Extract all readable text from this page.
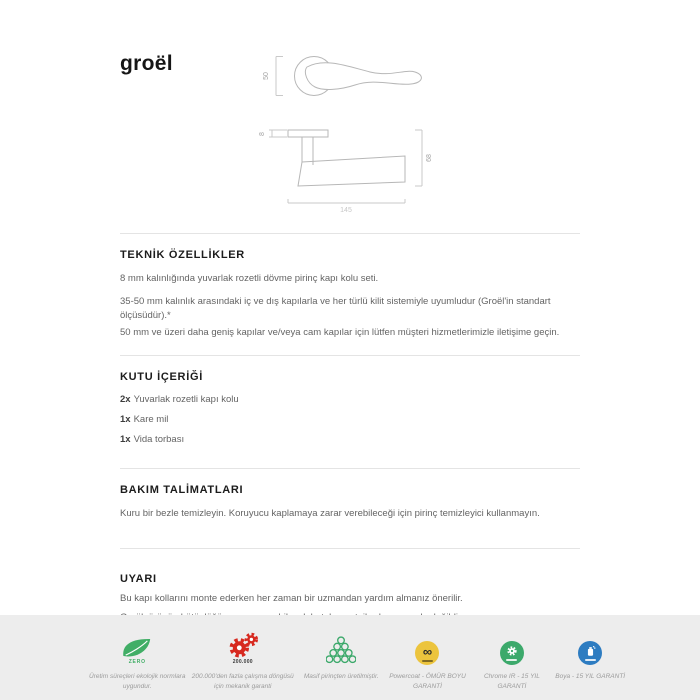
groël
50
8
68
145
TEKNİK ÖZELLİKLER

8 mm kalınlığında yuvarlak rozetli dövme pirinç kapı kolu seti.

35-50 mm kalınlık arasındaki iç ve dış kapılarla ve her türlü kilit sistemiyle uyumludur (Groël'in standart ölçüsüdür).*

50 mm ve üzeri daha geniş kapılar ve/veya cam kapılar için lütfen müşteri hizmetlerimizle iletişime geçin.

KUTU İÇERİĞİ

2x Yuvarlak rozetli kapı kolu

1x Kare mil

1x Vida torbası

BAKIM TALİMATLARI

Kuru bir bezle temizleyin. Koruyucu kaplamaya zarar verebileceği için pirinç temizleyici kullanmayın.

UYARI

Bu kapı kollarını monte ederken her zaman bir uzmandan yardım almanız önerilir.

ZERO
Üretim süreçleri ekolojik normlara uygundur.
200.000
200.000'den fazla çalışma döngüsü için mekanik garanti
Masif pirinçten üretilmiştir.
∞
Powercoat - ÖMÜR BOYU GARANTİ
Chrome IR - 15 YIL GARANTİ
Boya - 15 YIL GARANTİ
